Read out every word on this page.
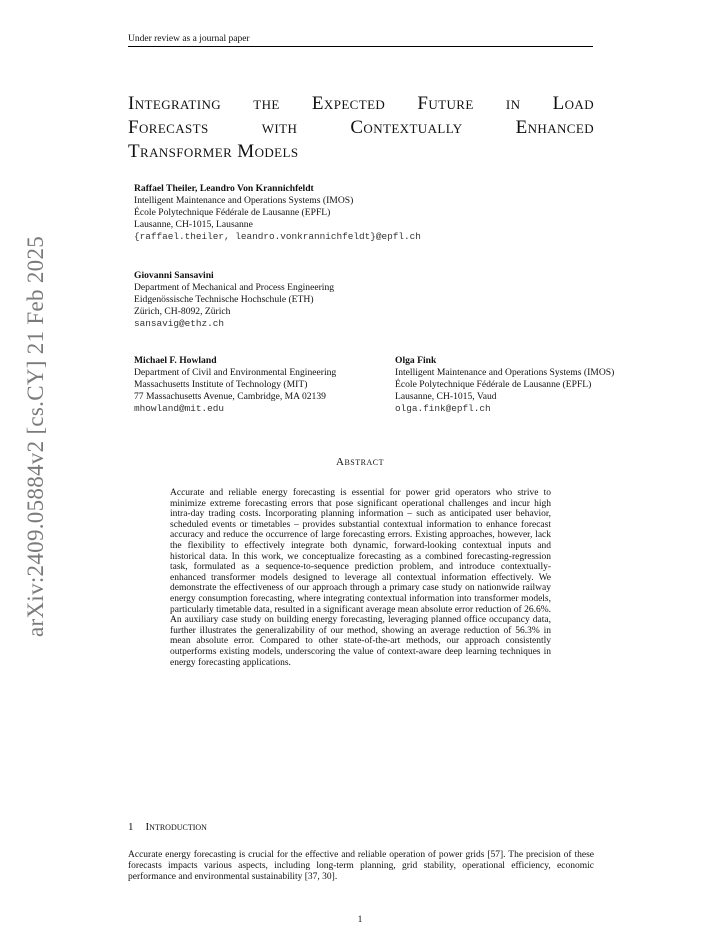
Under review as a journal paper
arXiv:2409.05884v2 [cs.CY] 21 Feb 2025
Integrating the Expected Future in Load
Forecasts with Contextually Enhanced
Transformer Models
Raffael Theiler, Leandro Von Krannichfeldt
Intelligent Maintenance and Operations Systems (IMOS)
École Polytechnique Fédérale de Lausanne (EPFL)
Lausanne, CH-1015, Lausanne
{raffael.theiler, leandro.vonkrannichfeldt}@epfl.ch
Giovanni Sansavini
Department of Mechanical and Process Engineering
Eidgenössische Technische Hochschule (ETH)
Zürich, CH-8092, Zürich
sansavig@ethz.ch
Michael F. Howland
Department of Civil and Environmental Engineering
Massachusetts Institute of Technology (MIT)
77 Massachusetts Avenue, Cambridge, MA 02139
mhowland@mit.edu
Olga Fink
Intelligent Maintenance and Operations Systems (IMOS)
École Polytechnique Fédérale de Lausanne (EPFL)
Lausanne, CH-1015, Vaud
olga.fink@epfl.ch
Abstract
Accurate and reliable energy forecasting is essential for power grid operators who strive to minimize extreme forecasting errors that pose significant operational challenges and incur high intra-day trading costs. Incorporating planning information – such as anticipated user behavior, scheduled events or timetables – provides substantial contextual information to enhance forecast accuracy and reduce the occurrence of large forecasting errors. Existing approaches, however, lack the flexibility to effectively integrate both dynamic, forward-looking contextual inputs and historical data. In this work, we conceptualize forecasting as a combined forecasting-regression task, formulated as a sequence-to-sequence prediction problem, and introduce contextually-enhanced transformer models designed to leverage all contextual information effectively. We demonstrate the effectiveness of our approach through a primary case study on nationwide railway energy consumption forecasting, where integrating contextual information into transformer models, particularly timetable data, resulted in a significant average mean absolute error reduction of 26.6%. An auxiliary case study on building energy forecasting, leveraging planned office occupancy data, further illustrates the generalizability of our method, showing an average reduction of 56.3% in mean absolute error. Compared to other state-of-the-art methods, our approach consistently outperforms existing models, underscoring the value of context-aware deep learning techniques in energy forecasting applications.
1 Introduction
Accurate energy forecasting is crucial for the effective and reliable operation of power grids [57]. The precision of these forecasts impacts various aspects, including long-term planning, grid stability, operational efficiency, economic performance and environmental sustainability [37, 30].
1
